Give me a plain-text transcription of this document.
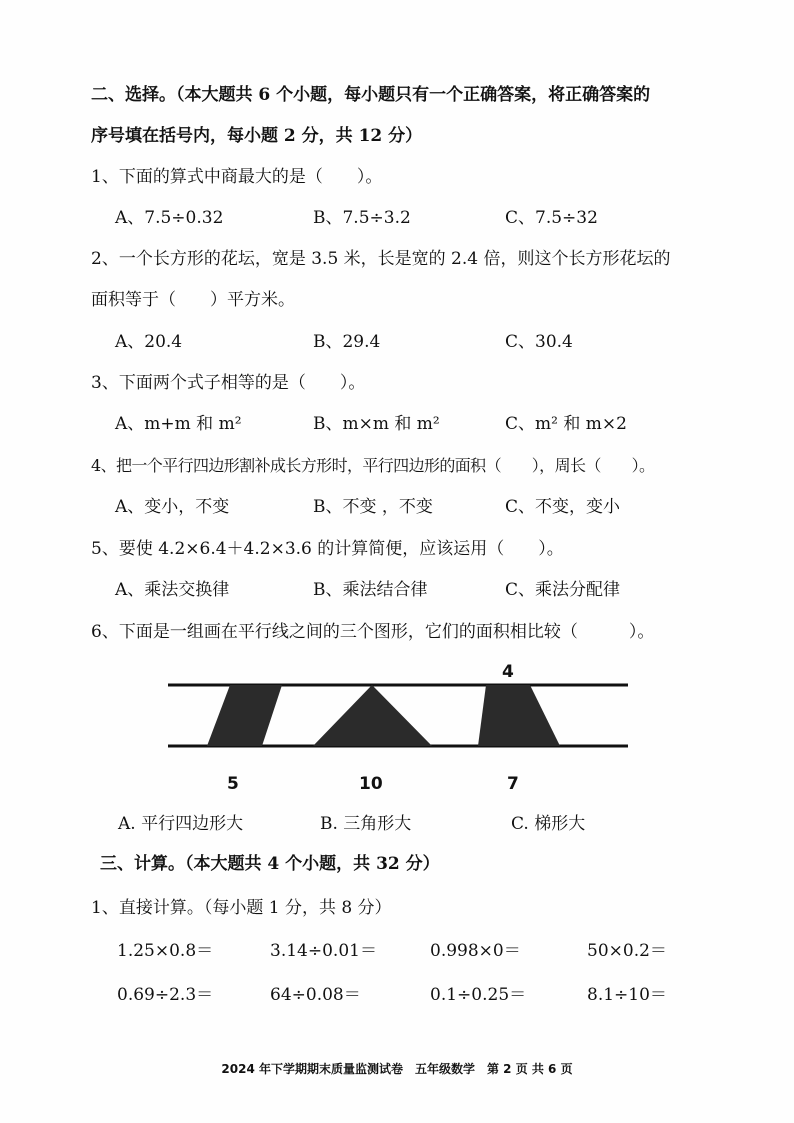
二、选择。（本大题共 6 个小题，每小题只有一个正确答案，将正确答案的
序号填在括号内，每小题 2 分，共 12 分）
1、下面的算式中商最大的是（　　）。
A、7.5÷0.32	B、7.5÷3.2	C、7.5÷32
2、一个长方形的花坛，宽是 3.5 米，长是宽的 2.4 倍，则这个长方形花坛的
面积等于（　　）平方米。
A、20.4	B、29.4	C、30.4
3、下面两个式子相等的是（　　）。
A、m+m 和 m²	B、m×m 和 m²	C、m² 和 m×2
4、把一个平行四边形割补成长方形时，平行四边形的面积（　　），周长（　　）。
A、变小，不变	B、不变 ，不变	C、不变，变小
5、要使 4.2×6.4＋4.2×3.6 的计算简便，应该运用（　　）。
A、乘法交换律	B、乘法结合律	C、乘法分配律
6、下面是一组画在平行线之间的三个图形，它们的面积相比较（　　　）。
4
5	10	7
A. 平行四边形大	B. 三角形大	C. 梯形大
三、计算。（本大题共 4 个小题，共 32 分）
1、直接计算。（每小题 1 分，共 8 分）
1.25×0.8＝	3.14÷0.01＝	0.998×0＝	50×0.2＝
0.69÷2.3＝	64÷0.08＝	0.1÷0.25＝	8.1÷10＝
2024 年下学期期末质量监测试卷　五年级数学　第 2 页 共 6 页
